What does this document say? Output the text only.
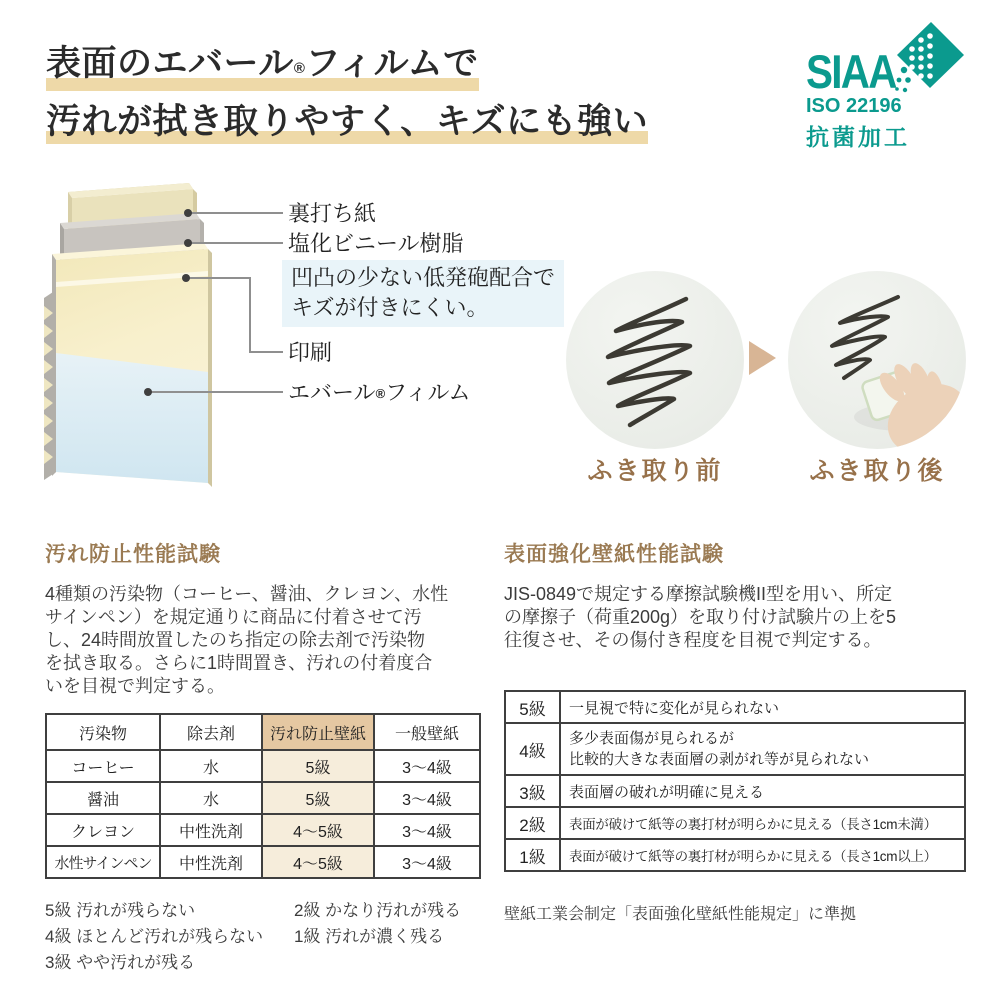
表面のエバール®フィルムで
汚れが拭き取りやすく、キズにも強い
SIAA
ISO 22196
抗菌加工
裏打ち紙
塩化ビニール樹脂
凹凸の少ない低発砲配合で
キズが付きにくい。
印刷
エバール®フィルム
ふき取り前	ふき取り後
汚れ防止性能試験
4種類の汚染物（コーヒー、醤油、クレヨン、水性
サインペン）を規定通りに商品に付着させて汚
し、24時間放置したのち指定の除去剤で汚染物
を拭き取る。さらに1時間置き、汚れの付着度合
いを目視で判定する。
汚染物	除去剤	汚れ防止壁紙	一般壁紙
コーヒー	水	5級	3〜4級
醤油	水	5級	3〜4級
クレヨン	中性洗剤	4〜5級	3〜4級
水性サインペン	中性洗剤	4〜5級	3〜4級
5級 汚れが残らない
4級 ほとんど汚れが残らない
3級 やや汚れが残る
2級 かなり汚れが残る
1級 汚れが濃く残る
表面強化壁紙性能試験
JIS-0849で規定する摩擦試験機II型を用い、所定
の摩擦子（荷重200g）を取り付け試験片の上を5
往復させ、その傷付き程度を目視で判定する。
5級	一見視で特に変化が見られない
4級	多少表面傷が見られるが
比較的大きな表面層の剥がれ等が見られない

3級	表面層の破れが明確に見える
2級	表面が破けて紙等の裏打材が明らかに見える（長さ1cm未満）
1級	表面が破けて紙等の裏打材が明らかに見える（長さ1cm以上）
壁紙工業会制定「表面強化壁紙性能規定」に準拠
